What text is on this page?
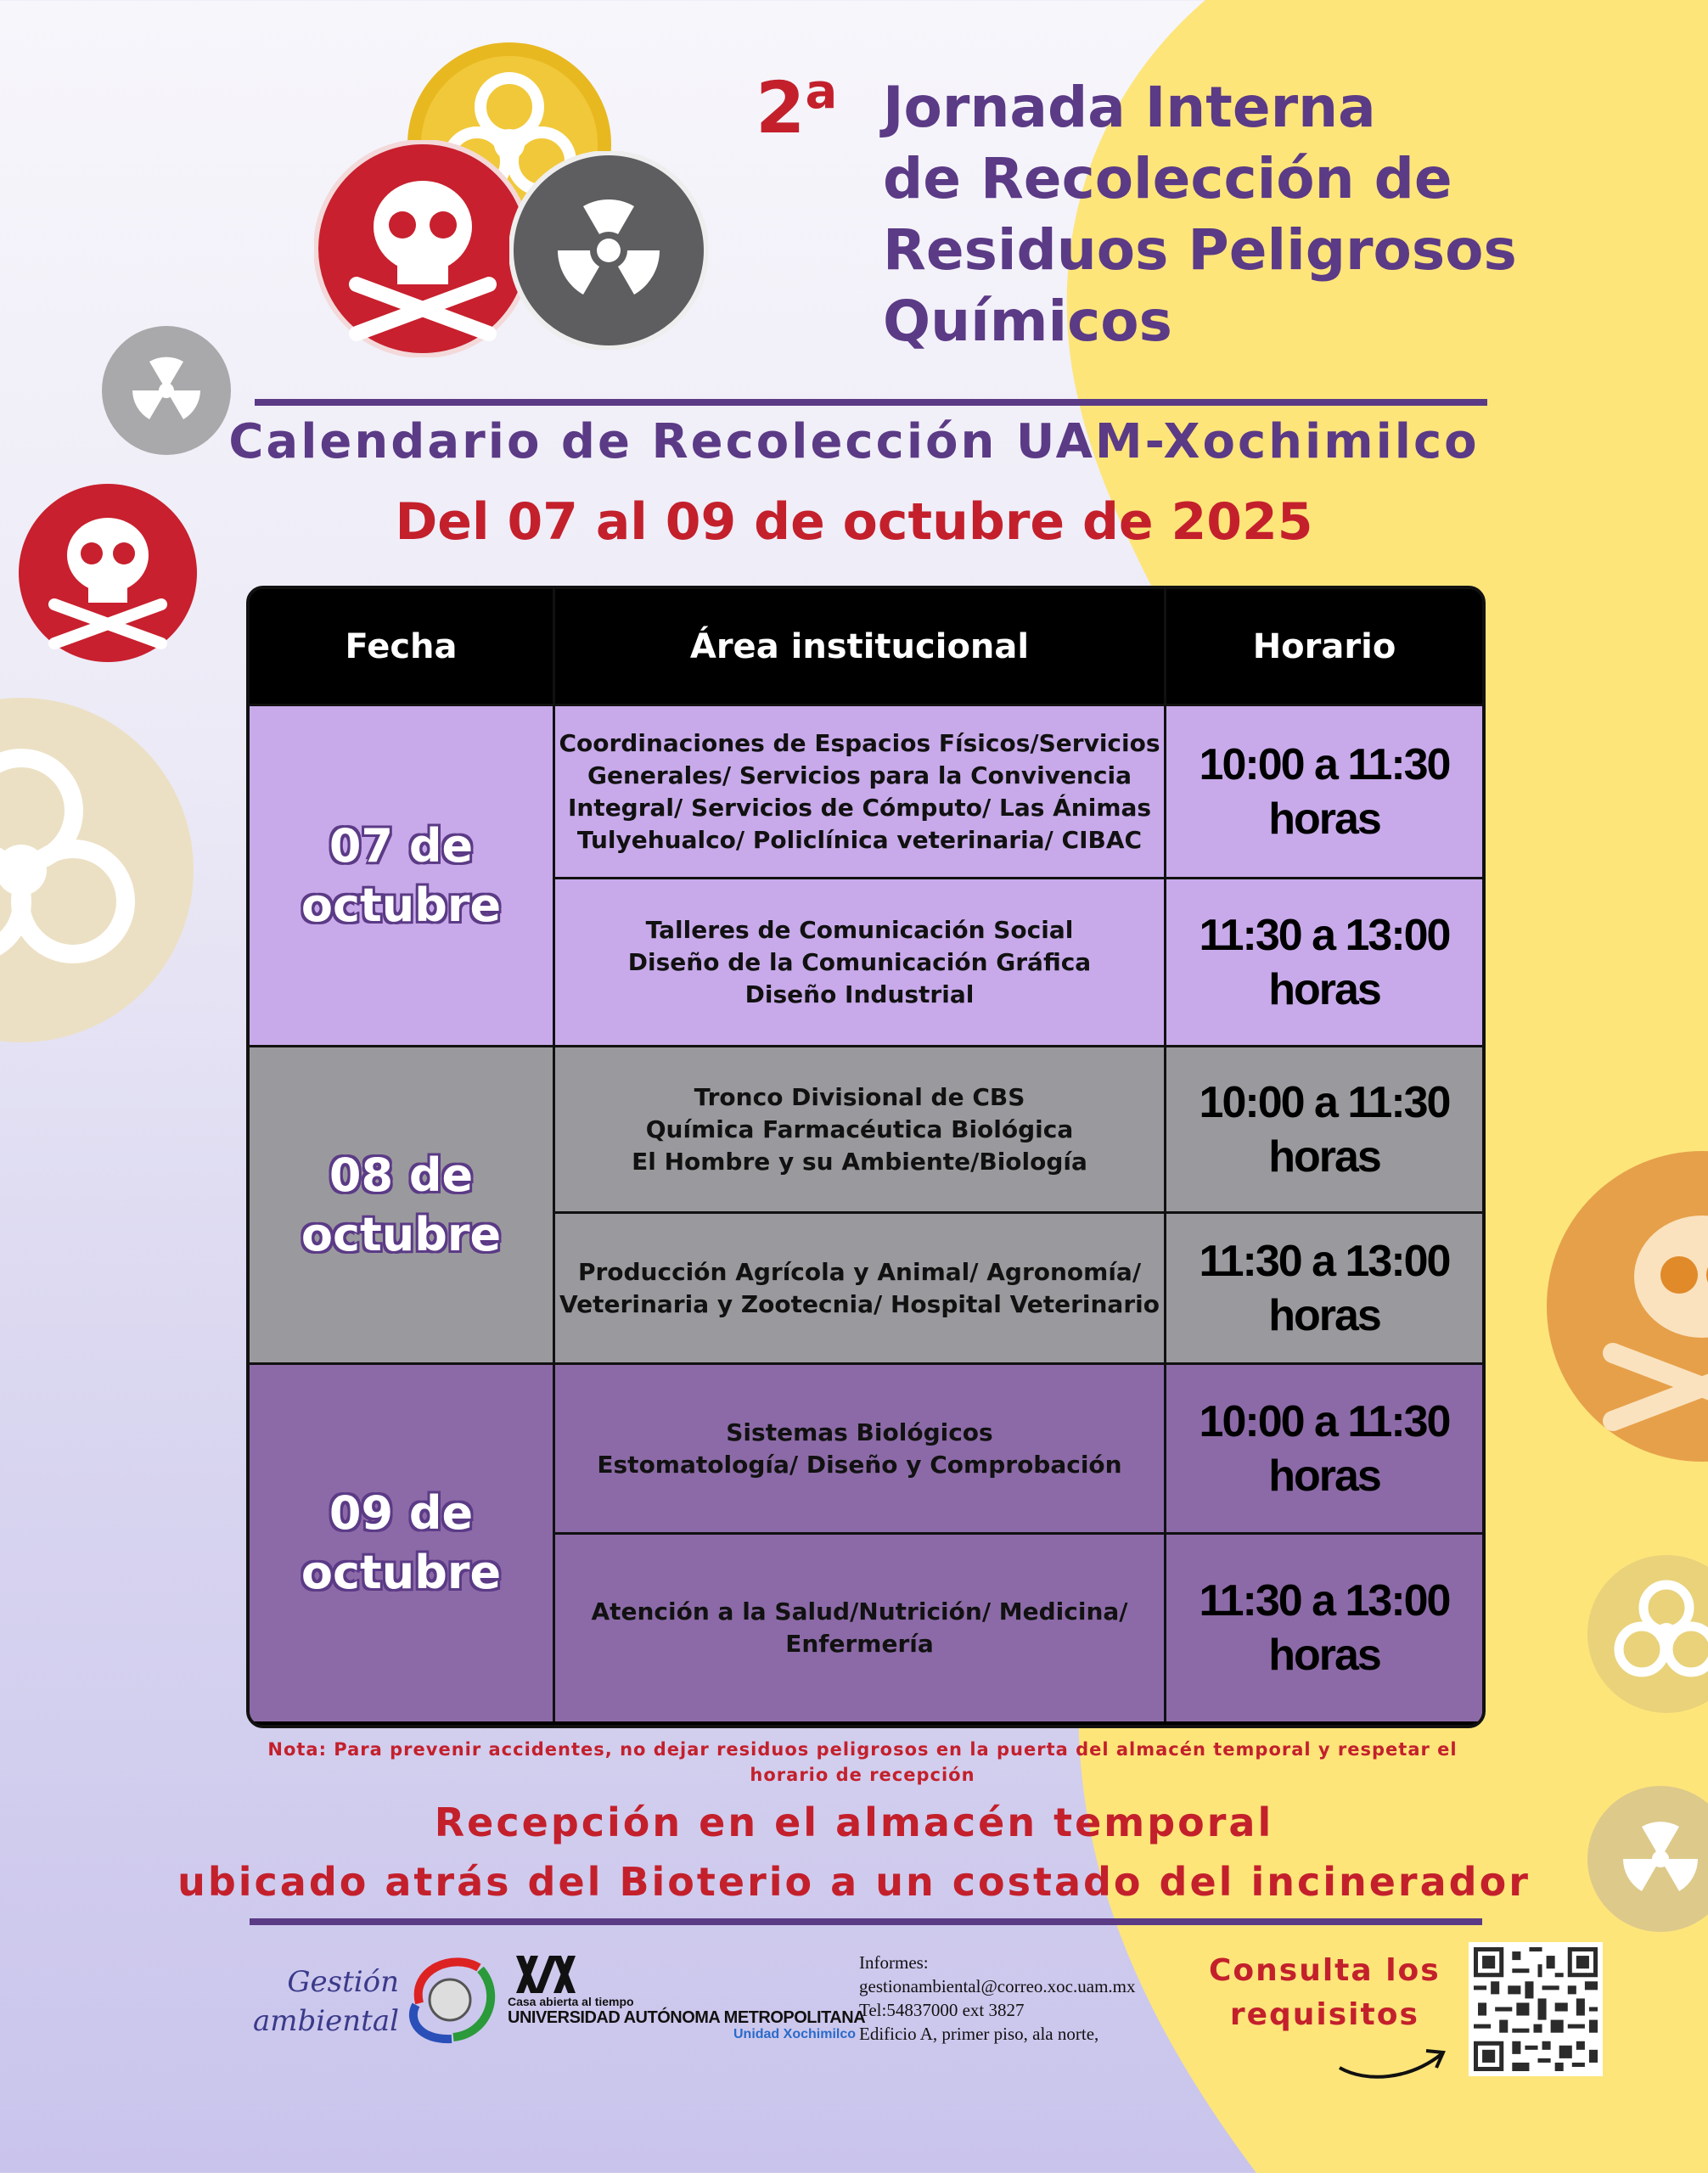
2$^a$ Jornada Interna
de Recolección de
Residuos Peligrosos
Químicos
Calendario de Recolección UAM-Xochimilco
Del 07 al 09 de octubre de 2025
Fecha	Área institucional	Horario
07 de
octubre
Coordinaciones de Espacios Físicos/Servicios
Generales/ Servicios para la Convivencia
Integral/ Servicios de Cómputo/ Las Ánimas
Tulyehualco/ Policlínica veterinaria/ CIBAC
10:00 a 11:30
horas
Talleres de Comunicación Social
Diseño de la Comunicación Gráfica
Diseño Industrial
11:30 a 13:00
horas
08 de
octubre
Tronco Divisional de CBS
Química Farmacéutica Biológica
El Hombre y su Ambiente/Biología
10:00 a 11:30
horas
Producción Agrícola y Animal/ Agronomía/
Veterinaria y Zootecnia/ Hospital Veterinario
11:30 a 13:00
horas
09 de
octubre
Sistemas Biológicos
Estomatología/ Diseño y Comprobación
10:00 a 11:30
horas
Atención a la Salud/Nutrición/ Medicina/
Enfermería
11:30 a 13:00
horas
Nota: Para prevenir accidentes, no dejar residuos peligrosos en la puerta del almacén temporal y respetar el horario de recepción
Recepción en el almacén temporal
ubicado atrás del Bioterio a un costado del incinerador
Gestión
ambiental
Casa abierta al tiempo
UNIVERSIDAD AUTÓNOMA METROPOLITANA
Unidad Xochimilco
Informes:
gestionambiental@correo.xoc.uam.mx
Tel:54837000 ext 3827
Edificio A, primer piso, ala norte,
Consulta los
requisitos
